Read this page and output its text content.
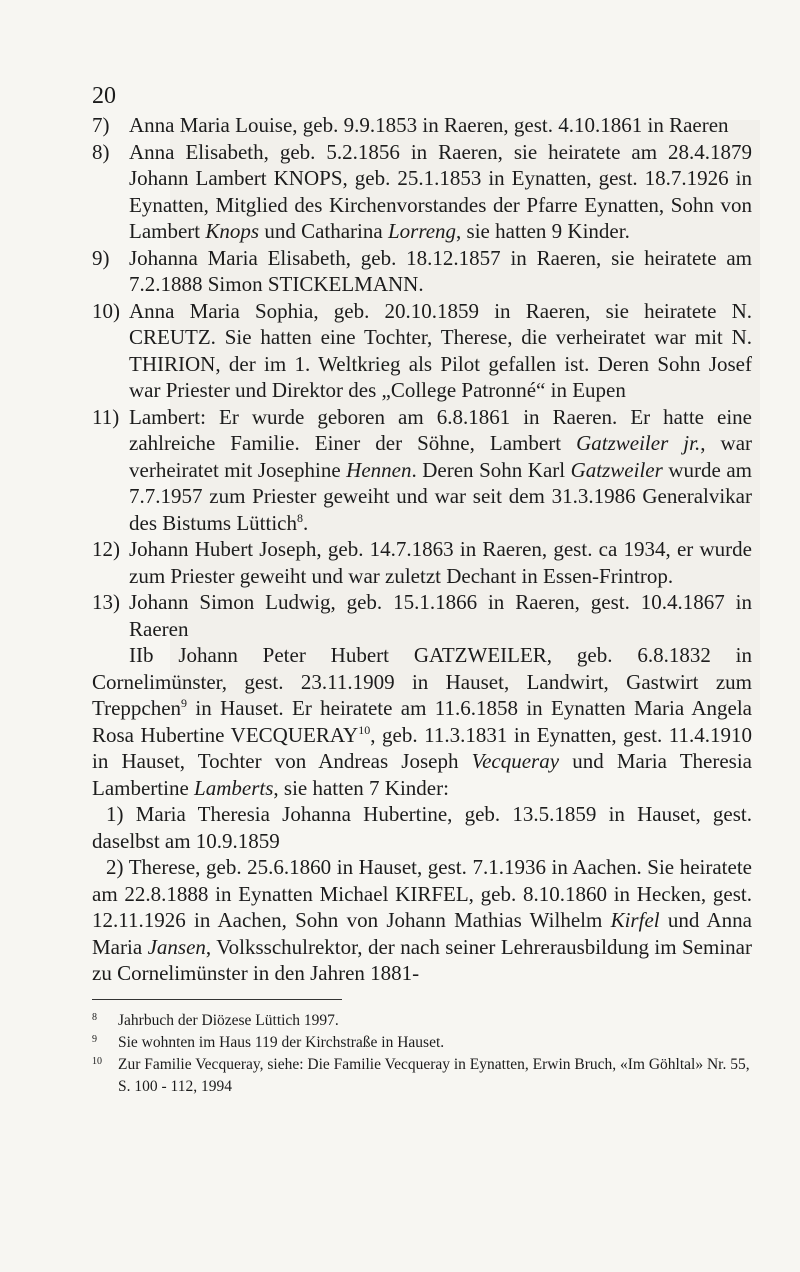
20

7) Anna Maria Louise, geb. 9.9.1853 in Raeren, gest. 4.10.1861 in Raeren

8) Anna Elisabeth, geb. 5.2.1856 in Raeren, sie heiratete am 28.4.1879 Johann Lambert KNOPS, geb. 25.1.1853 in Eynatten, gest. 18.7.1926 in Eynatten, Mitglied des Kirchenvorstandes der Pfarre Eynatten, Sohn von Lambert Knops und Catharina Lorreng, sie hatten 9 Kinder.

9) Johanna Maria Elisabeth, geb. 18.12.1857 in Raeren, sie heiratete am 7.2.1888 Simon STICKELMANN.

10) Anna Maria Sophia, geb. 20.10.1859 in Raeren, sie heiratete N. CREUTZ. Sie hatten eine Tochter, Therese, die verheiratet war mit N. THIRION, der im 1. Weltkrieg als Pilot gefallen ist. Deren Sohn Josef war Priester und Direktor des „College Patronné“ in Eupen

11) Lambert: Er wurde geboren am 6.8.1861 in Raeren. Er hatte eine zahlreiche Familie. Einer der Söhne, Lambert Gatzweiler jr., war verheiratet mit Josephine Hennen. Deren Sohn Karl Gatzweiler wurde am 7.7.1957 zum Priester geweiht und war seit dem 31.3.1986 Generalvikar des Bistums Lüttich$^8$.

12) Johann Hubert Joseph, geb. 14.7.1863 in Raeren, gest. ca 1934, er wurde zum Priester geweiht und war zuletzt Dechant in Essen-Frintrop.

13) Johann Simon Ludwig, geb. 15.1.1866 in Raeren, gest. 10.4.1867 in Raeren

IIb Johann Peter Hubert GATZWEILER, geb. 6.8.1832 in Cornelimünster, gest. 23.11.1909 in Hauset, Landwirt, Gastwirt zum Treppchen$^9$ in Hauset. Er heiratete am 11.6.1858 in Eynatten Maria Angela Rosa Hubertine VECQUERAY$^{10}$, geb. 11.3.1831 in Eynatten, gest. 11.4.1910 in Hauset, Tochter von Andreas Joseph Vecqueray und Maria Theresia Lambertine Lamberts, sie hatten 7 Kinder:

1) Maria Theresia Johanna Hubertine, geb. 13.5.1859 in Hauset, gest. daselbst am 10.9.1859

2) Therese, geb. 25.6.1860 in Hauset, gest. 7.1.1936 in Aachen. Sie heiratete am 22.8.1888 in Eynatten Michael KIRFEL, geb. 8.10.1860 in Hecken, gest. 12.11.1926 in Aachen, Sohn von Johann Mathias Wilhelm Kirfel und Anna Maria Jansen, Volksschulrektor, der nach seiner Lehrerausbildung im Seminar zu Cornelimünster in den Jahren 1881-

8 Jahrbuch der Diözese Lüttich 1997.

9 Sie wohnten im Haus 119 der Kirchstraße in Hauset.

10 Zur Familie Vecqueray, siehe: Die Familie Vecqueray in Eynatten, Erwin Bruch, «Im Göhltal» Nr. 55, S. 100 - 112, 1994
